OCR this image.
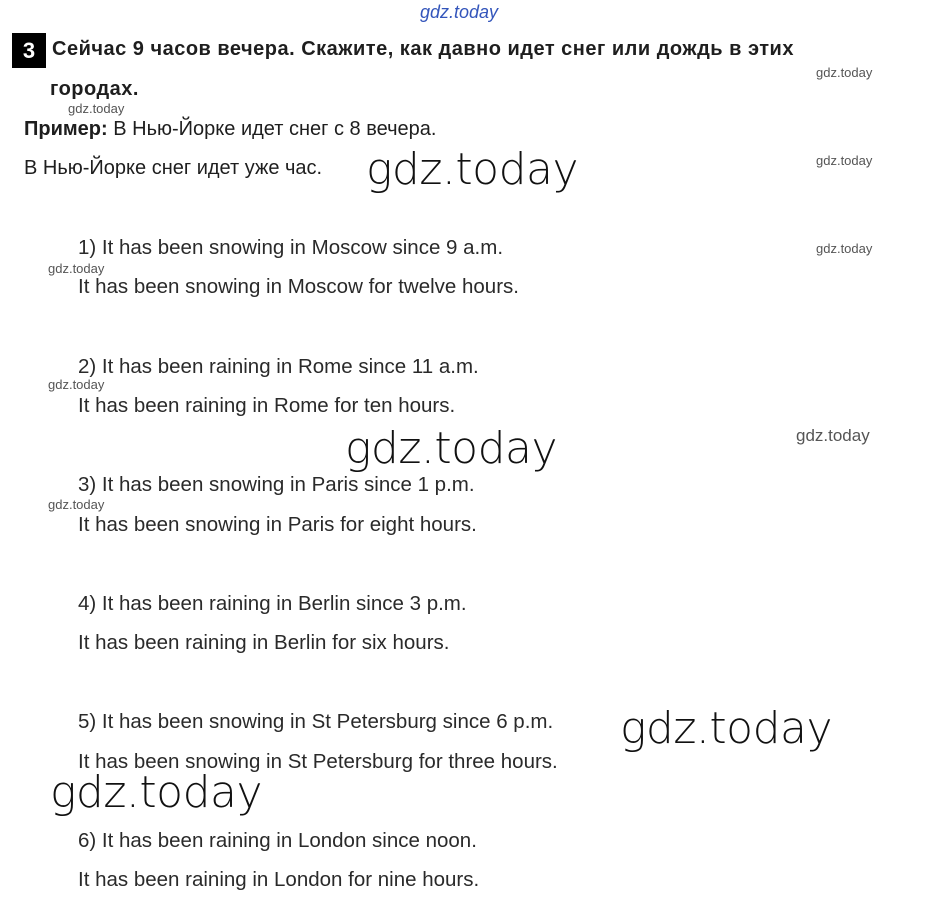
gdz.today
3 Сейчас 9 часов вечера. Скажите, как давно идет снег или дождь в этих
городах.
Пример: В Нью-Йорке идет снег с 8 вечера.
В Нью-Йорке снег идет уже час.
1) It has been snowing in Moscow since 9 a.m.
It has been snowing in Moscow for twelve hours.
2) It has been raining in Rome since 11 a.m.
It has been raining in Rome for ten hours.
3) It has been snowing in Paris since 1 p.m.
It has been snowing in Paris for eight hours.
4) It has been raining in Berlin since 3 p.m.
It has been raining in Berlin for six hours.
5) It has been snowing in St Petersburg since 6 p.m.
It has been snowing in St Petersburg for three hours.
6) It has been raining in London since noon.
It has been raining in London for nine hours.
gdz.today
gdz.today
gdz.today
gdz.today
gdz.today
gdz.today
gdz.today
gdz.today
gdz.today
gdz.today
gdz.today
gdz.today
